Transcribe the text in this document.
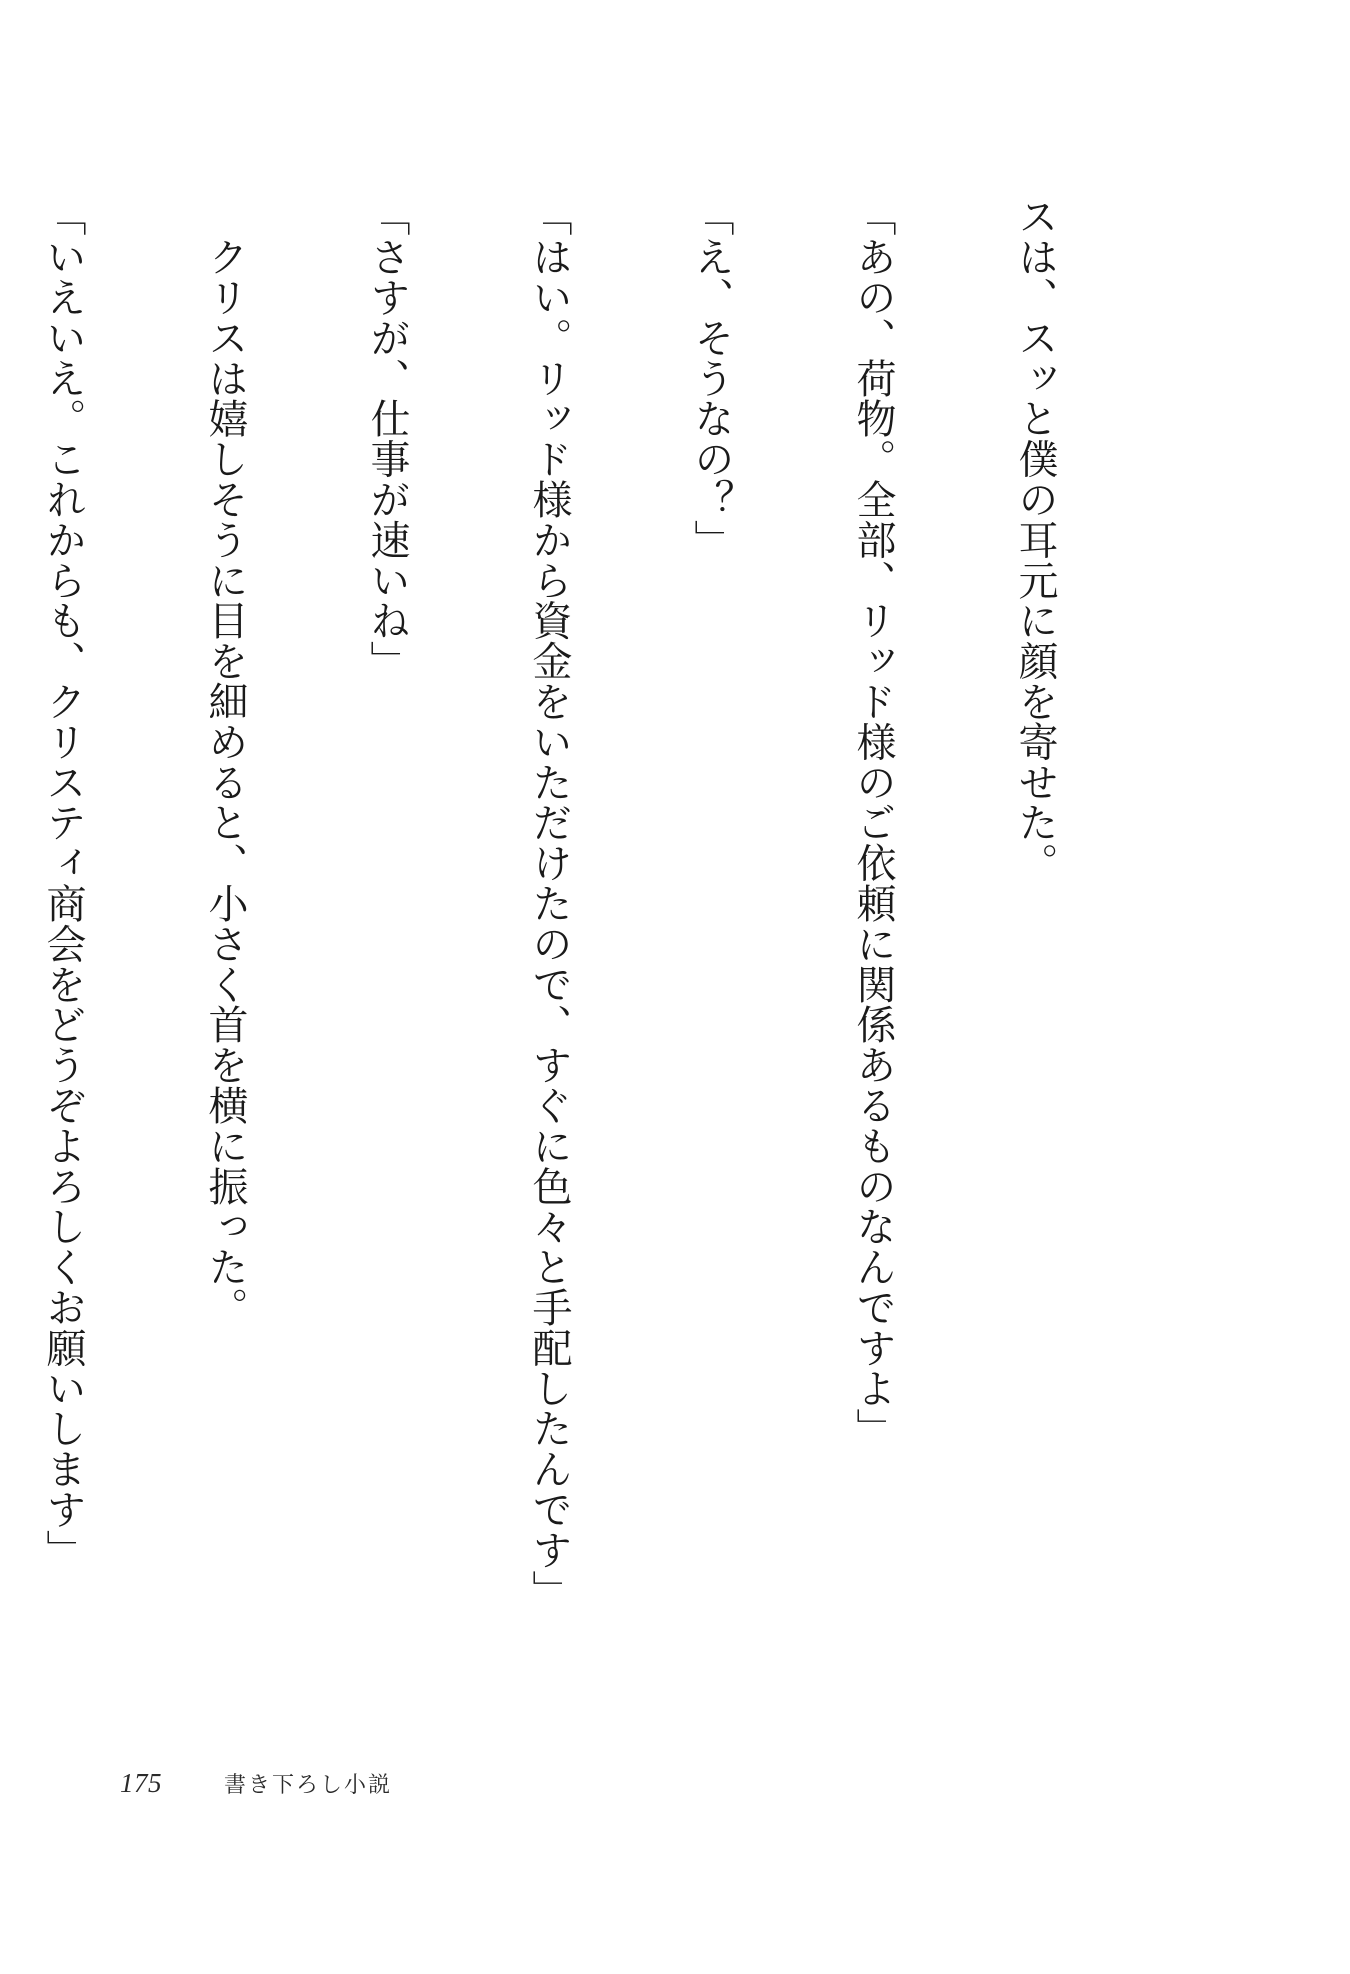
スは、スッと僕の耳元に顔を寄せた。

「あの、荷物。全部、リッド様のご依頼に関係あるものなんですよ」

「え、そうなの？」

「はい。リッド様から資金をいただけたので、すぐに色々と手配したんです」

「さすが、仕事が速いね」

　クリスは嬉しそうに目を細めると、小さく首を横に振った。

「いえいえ。これからも、クリスティ商会をどうぞよろしくお願いします」

175	書き下ろし小説
